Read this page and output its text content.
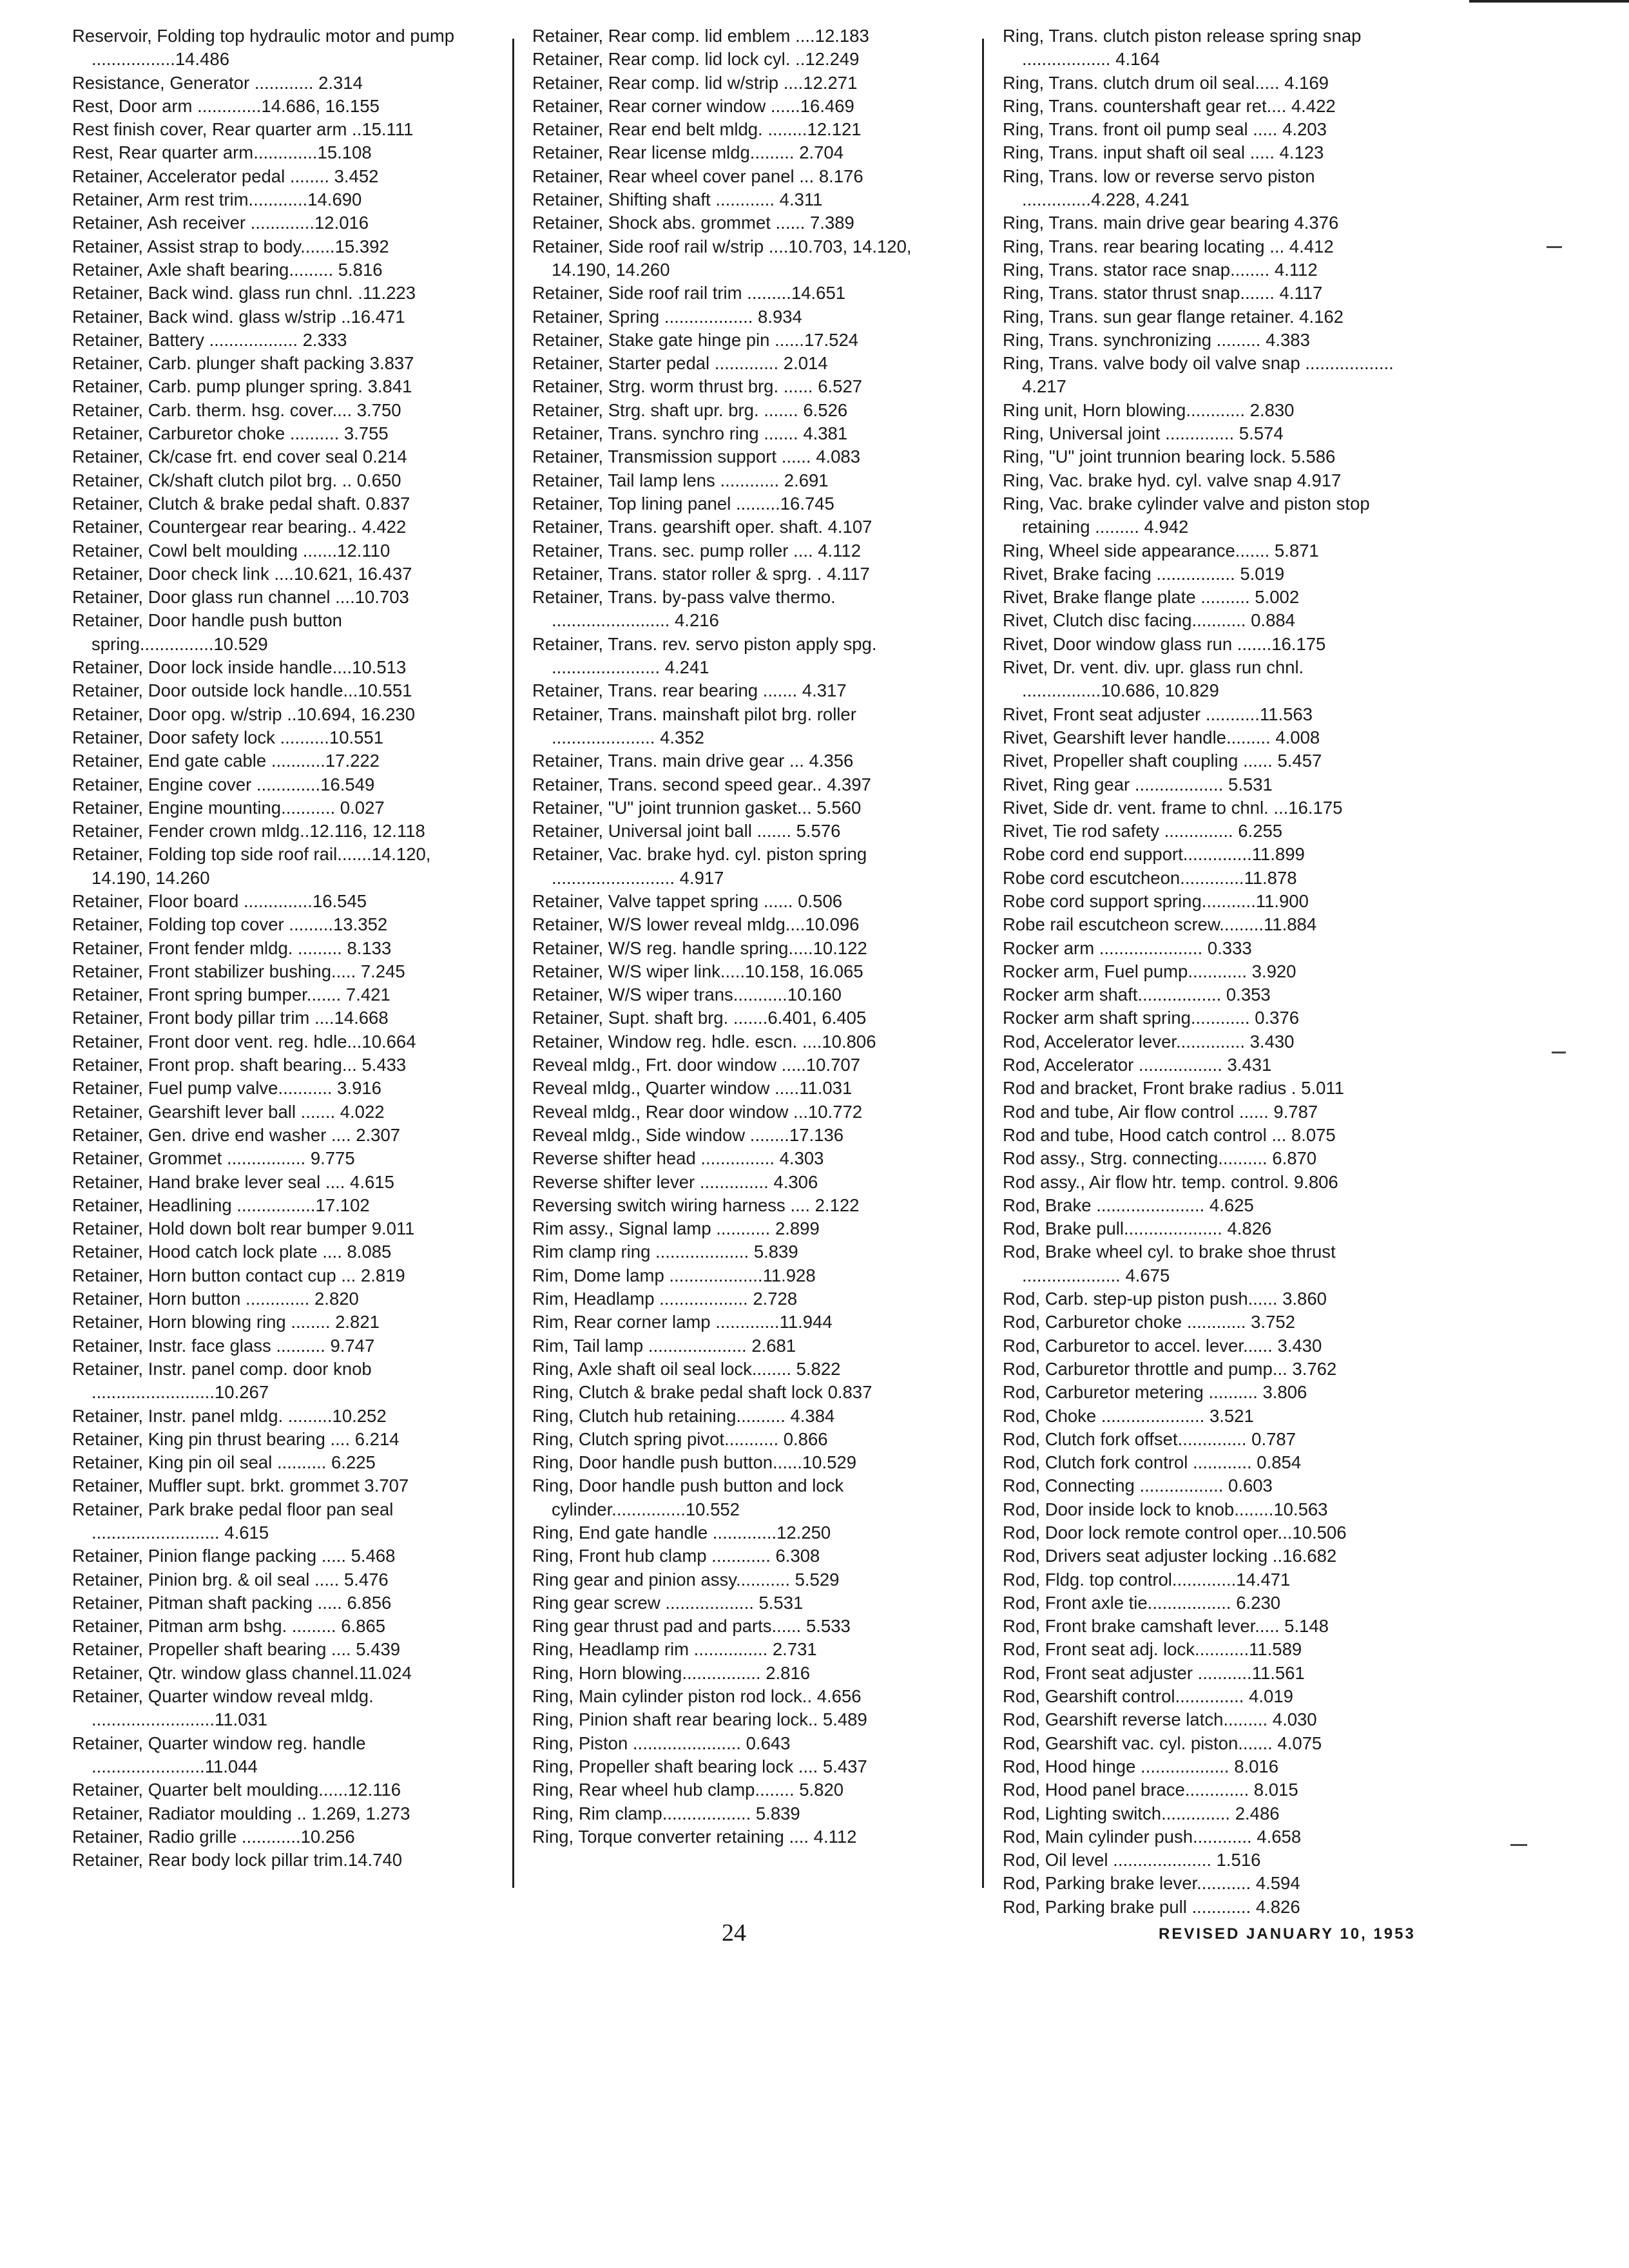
Reservoir, Folding top hydraulic motor and pump .................14.486
Resistance, Generator ............ 2.314
Rest, Door arm .............14.686, 16.155
Rest finish cover, Rear quarter arm ..15.111
Rest, Rear quarter arm.............15.108
Retainer, Accelerator pedal ........ 3.452
Retainer, Arm rest trim............14.690
Retainer, Ash receiver .............12.016
Retainer, Assist strap to body.......15.392
Retainer, Axle shaft bearing......... 5.816
Retainer, Back wind. glass run chnl. .11.223
Retainer, Back wind. glass w/strip ..16.471
Retainer, Battery .................. 2.333
Retainer, Carb. plunger shaft packing 3.837
Retainer, Carb. pump plunger spring. 3.841
Retainer, Carb. therm. hsg. cover.... 3.750
Retainer, Carburetor choke .......... 3.755
Retainer, Ck/case frt. end cover seal 0.214
Retainer, Ck/shaft clutch pilot brg. .. 0.650
Retainer, Clutch & brake pedal shaft. 0.837
Retainer, Countergear rear bearing.. 4.422
Retainer, Cowl belt moulding .......12.110
Retainer, Door check link ....10.621, 16.437
Retainer, Door glass run channel ....10.703
Retainer, Door handle push button spring...............10.529
Retainer, Door lock inside handle....10.513
Retainer, Door outside lock handle...10.551
Retainer, Door opg. w/strip ..10.694, 16.230
Retainer, Door safety lock ..........10.551
Retainer, End gate cable ...........17.222
Retainer, Engine cover .............16.549
Retainer, Engine mounting........... 0.027
Retainer, Fender crown mldg..12.116, 12.118
Retainer, Folding top side roof rail.......14.120, 14.190, 14.260
Retainer, Floor board ..............16.545
Retainer, Folding top cover .........13.352
Retainer, Front fender mldg. ......... 8.133
Retainer, Front stabilizer bushing..... 7.245
Retainer, Front spring bumper....... 7.421
Retainer, Front body pillar trim ....14.668
Retainer, Front door vent. reg. hdle...10.664
Retainer, Front prop. shaft bearing... 5.433
Retainer, Fuel pump valve........... 3.916
Retainer, Gearshift lever ball ....... 4.022
Retainer, Gen. drive end washer .... 2.307
Retainer, Grommet ................ 9.775
Retainer, Hand brake lever seal .... 4.615
Retainer, Headlining ................17.102
Retainer, Hold down bolt rear bumper 9.011
Retainer, Hood catch lock plate .... 8.085
Retainer, Horn button contact cup ... 2.819
Retainer, Horn button ............. 2.820
Retainer, Horn blowing ring ........ 2.821
Retainer, Instr. face glass .......... 9.747
Retainer, Instr. panel comp. door knob .........................10.267
Retainer, Instr. panel mldg. .........10.252
Retainer, King pin thrust bearing .... 6.214
Retainer, King pin oil seal .......... 6.225
Retainer, Muffler supt. brkt. grommet 3.707
Retainer, Park brake pedal floor pan seal .......................... 4.615
Retainer, Pinion flange packing ..... 5.468
Retainer, Pinion brg. & oil seal ..... 5.476
Retainer, Pitman shaft packing ..... 6.856
Retainer, Pitman arm bshg. ......... 6.865
Retainer, Propeller shaft bearing .... 5.439
Retainer, Qtr. window glass channel.11.024
Retainer, Quarter window reveal mldg. .........................11.031
Retainer, Quarter window reg. handle .......................11.044
Retainer, Quarter belt moulding......12.116
Retainer, Radiator moulding .. 1.269, 1.273
Retainer, Radio grille ............10.256
Retainer, Rear body lock pillar trim.14.740
Retainer, Rear comp. lid emblem ....12.183
Retainer, Rear comp. lid lock cyl. ..12.249
Retainer, Rear comp. lid w/strip ....12.271
Retainer, Rear corner window ......16.469
Retainer, Rear end belt mldg. ........12.121
Retainer, Rear license mldg......... 2.704
Retainer, Rear wheel cover panel ... 8.176
Retainer, Shifting shaft ............ 4.311
Retainer, Shock abs. grommet ...... 7.389
Retainer, Side roof rail w/strip ....10.703, 14.120, 14.190, 14.260
Retainer, Side roof rail trim .........14.651
Retainer, Spring .................. 8.934
Retainer, Stake gate hinge pin ......17.524
Retainer, Starter pedal ............. 2.014
Retainer, Strg. worm thrust brg. ...... 6.527
Retainer, Strg. shaft upr. brg. ....... 6.526
Retainer, Trans. synchro ring ....... 4.381
Retainer, Transmission support ...... 4.083
Retainer, Tail lamp lens ............ 2.691
Retainer, Top lining panel .........16.745
Retainer, Trans. gearshift oper. shaft. 4.107
Retainer, Trans. sec. pump roller .... 4.112
Retainer, Trans. stator roller & sprg. . 4.117
Retainer, Trans. by-pass valve thermo. ........................ 4.216
Retainer, Trans. rev. servo piston apply spg. ...................... 4.241
Retainer, Trans. rear bearing ....... 4.317
Retainer, Trans. mainshaft pilot brg. roller ..................... 4.352
Retainer, Trans. main drive gear ... 4.356
Retainer, Trans. second speed gear.. 4.397
Retainer, "U" joint trunnion gasket... 5.560
Retainer, Universal joint ball ....... 5.576
Retainer, Vac. brake hyd. cyl. piston spring ......................... 4.917
Retainer, Valve tappet spring ...... 0.506
Retainer, W/S lower reveal mldg....10.096
Retainer, W/S reg. handle spring.....10.122
Retainer, W/S wiper link.....10.158, 16.065
Retainer, W/S wiper trans...........10.160
Retainer, Supt. shaft brg. .......6.401, 6.405
Retainer, Window reg. hdle. escn. ....10.806
Reveal mldg., Frt. door window .....10.707
Reveal mldg., Quarter window .....11.031
Reveal mldg., Rear door window ...10.772
Reveal mldg., Side window ........17.136
Reverse shifter head ............... 4.303
Reverse shifter lever .............. 4.306
Reversing switch wiring harness .... 2.122
Rim assy., Signal lamp ........... 2.899
Rim clamp ring ................... 5.839
Rim, Dome lamp ...................11.928
Rim, Headlamp .................. 2.728
Rim, Rear corner lamp .............11.944
Rim, Tail lamp .................... 2.681
Ring, Axle shaft oil seal lock........ 5.822
Ring, Clutch & brake pedal shaft lock 0.837
Ring, Clutch hub retaining.......... 4.384
Ring, Clutch spring pivot........... 0.866
Ring, Door handle push button......10.529
Ring, Door handle push button and lock cylinder...............10.552
Ring, End gate handle .............12.250
Ring, Front hub clamp ............ 6.308
Ring gear and pinion assy........... 5.529
Ring gear screw .................. 5.531
Ring gear thrust pad and parts...... 5.533
Ring, Headlamp rim ............... 2.731
Ring, Horn blowing................ 2.816
Ring, Main cylinder piston rod lock.. 4.656
Ring, Pinion shaft rear bearing lock.. 5.489
Ring, Piston ...................... 0.643
Ring, Propeller shaft bearing lock .... 5.437
Ring, Rear wheel hub clamp........ 5.820
Ring, Rim clamp.................. 5.839
Ring, Torque converter retaining .... 4.112
Ring, Trans. clutch piston release spring snap .................. 4.164
Ring, Trans. clutch drum oil seal..... 4.169
Ring, Trans. countershaft gear ret.... 4.422
Ring, Trans. front oil pump seal ..... 4.203
Ring, Trans. input shaft oil seal ..... 4.123
Ring, Trans. low or reverse servo piston ..............4.228, 4.241
Ring, Trans. main drive gear bearing 4.376
Ring, Trans. rear bearing locating ... 4.412
Ring, Trans. stator race snap........ 4.112
Ring, Trans. stator thrust snap....... 4.117
Ring, Trans. sun gear flange retainer. 4.162
Ring, Trans. synchronizing ......... 4.383
Ring, Trans. valve body oil valve snap .................. 4.217
Ring unit, Horn blowing............ 2.830
Ring, Universal joint .............. 5.574
Ring, "U" joint trunnion bearing lock. 5.586
Ring, Vac. brake hyd. cyl. valve snap 4.917
Ring, Vac. brake cylinder valve and piston stop retaining ......... 4.942
Ring, Wheel side appearance....... 5.871
Rivet, Brake facing ................ 5.019
Rivet, Brake flange plate .......... 5.002
Rivet, Clutch disc facing........... 0.884
Rivet, Door window glass run .......16.175
Rivet, Dr. vent. div. upr. glass run chnl. ................10.686, 10.829
Rivet, Front seat adjuster ...........11.563
Rivet, Gearshift lever handle......... 4.008
Rivet, Propeller shaft coupling ...... 5.457
Rivet, Ring gear .................. 5.531
Rivet, Side dr. vent. frame to chnl. ...16.175
Rivet, Tie rod safety .............. 6.255
Robe cord end support..............11.899
Robe cord escutcheon.............11.878
Robe cord support spring...........11.900
Robe rail escutcheon screw.........11.884
Rocker arm ..................... 0.333
Rocker arm, Fuel pump............ 3.920
Rocker arm shaft................. 0.353
Rocker arm shaft spring............ 0.376
Rod, Accelerator lever.............. 3.430
Rod, Accelerator ................. 3.431
Rod and bracket, Front brake radius . 5.011
Rod and tube, Air flow control ...... 9.787
Rod and tube, Hood catch control ... 8.075
Rod assy., Strg. connecting.......... 6.870
Rod assy., Air flow htr. temp. control. 9.806
Rod, Brake ...................... 4.625
Rod, Brake pull.................... 4.826
Rod, Brake wheel cyl. to brake shoe thrust .................... 4.675
Rod, Carb. step-up piston push...... 3.860
Rod, Carburetor choke ............ 3.752
Rod, Carburetor to accel. lever...... 3.430
Rod, Carburetor throttle and pump... 3.762
Rod, Carburetor metering .......... 3.806
Rod, Choke ..................... 3.521
Rod, Clutch fork offset.............. 0.787
Rod, Clutch fork control ............ 0.854
Rod, Connecting ................. 0.603
Rod, Door inside lock to knob........10.563
Rod, Door lock remote control oper...10.506
Rod, Drivers seat adjuster locking ..16.682
Rod, Fldg. top control.............14.471
Rod, Front axle tie................. 6.230
Rod, Front brake camshaft lever..... 5.148
Rod, Front seat adj. lock...........11.589
Rod, Front seat adjuster ...........11.561
Rod, Gearshift control.............. 4.019
Rod, Gearshift reverse latch......... 4.030
Rod, Gearshift vac. cyl. piston....... 4.075
Rod, Hood hinge .................. 8.016
Rod, Hood panel brace............. 8.015
Rod, Lighting switch.............. 2.486
Rod, Main cylinder push............ 4.658
Rod, Oil level .................... 1.516
Rod, Parking brake lever........... 4.594
Rod, Parking brake pull ............ 4.826
24	REVISED JANUARY 10, 1953
